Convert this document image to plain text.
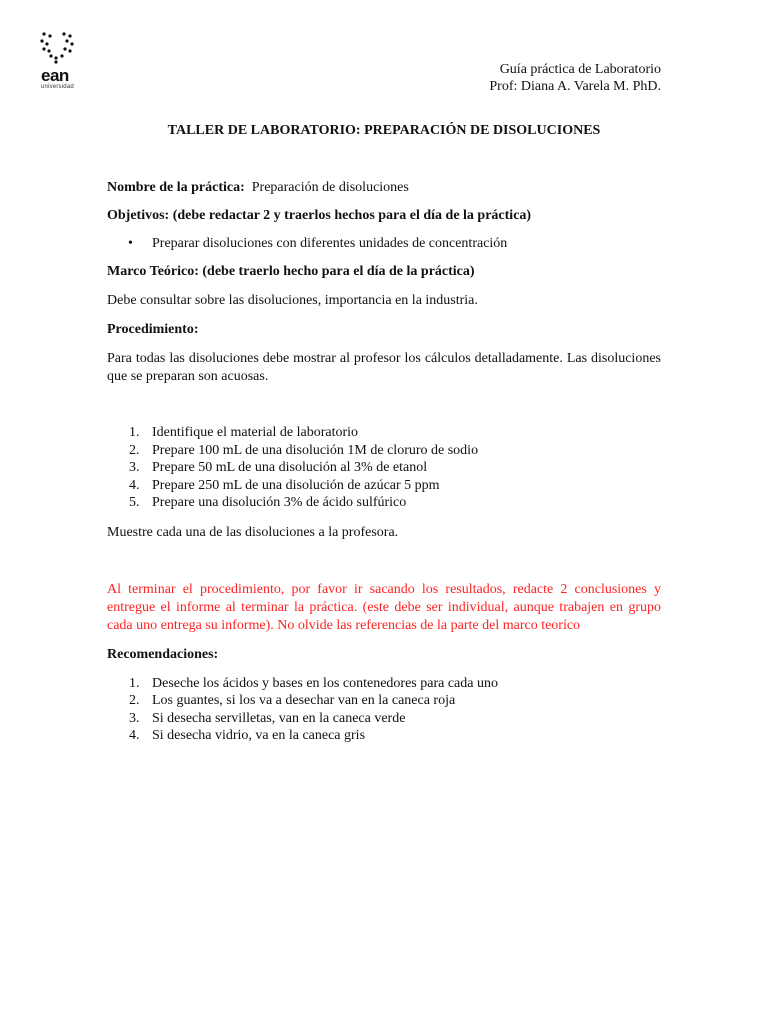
ean
universidad
Guía práctica de Laboratorio
Prof: Diana A. Varela M. PhD.
TALLER DE LABORATORIO: PREPARACIÓN DE DISOLUCIONES

Nombre de la práctica: Preparación de disoluciones

Objetivos: (debe redactar 2 y traerlos hechos para el día de la práctica)

• Preparar disoluciones con diferentes unidades de concentración

Marco Teórico: (debe traerlo hecho para el día de la práctica)

Debe consultar sobre las disoluciones, importancia en la industria.

Procedimiento:

Para todas las disoluciones debe mostrar al profesor los cálculos detalladamente. Las disoluciones que se preparan son acuosas.

1. Identifique el material de laboratorio
2. Prepare 100 mL de una disolución 1M de cloruro de sodio
3. Prepare 50 mL de una disolución al 3% de etanol
4. Prepare 250 mL de una disolución de azúcar 5 ppm
5. Prepare una disolución 3% de ácido sulfúrico

Muestre cada una de las disoluciones a la profesora.

Al terminar el procedimiento, por favor ir sacando los resultados, redacte 2 conclusiones y entregue el informe al terminar la práctica. (este debe ser individual, aunque trabajen en grupo cada uno entrega su informe). No olvide las referencias de la parte del marco teoríco

Recomendaciones:

1. Deseche los ácidos y bases en los contenedores para cada uno
2. Los guantes, si los va a desechar van en la caneca roja
3. Si desecha servilletas, van en la caneca verde
4. Si desecha vidrio, va en la caneca gris
